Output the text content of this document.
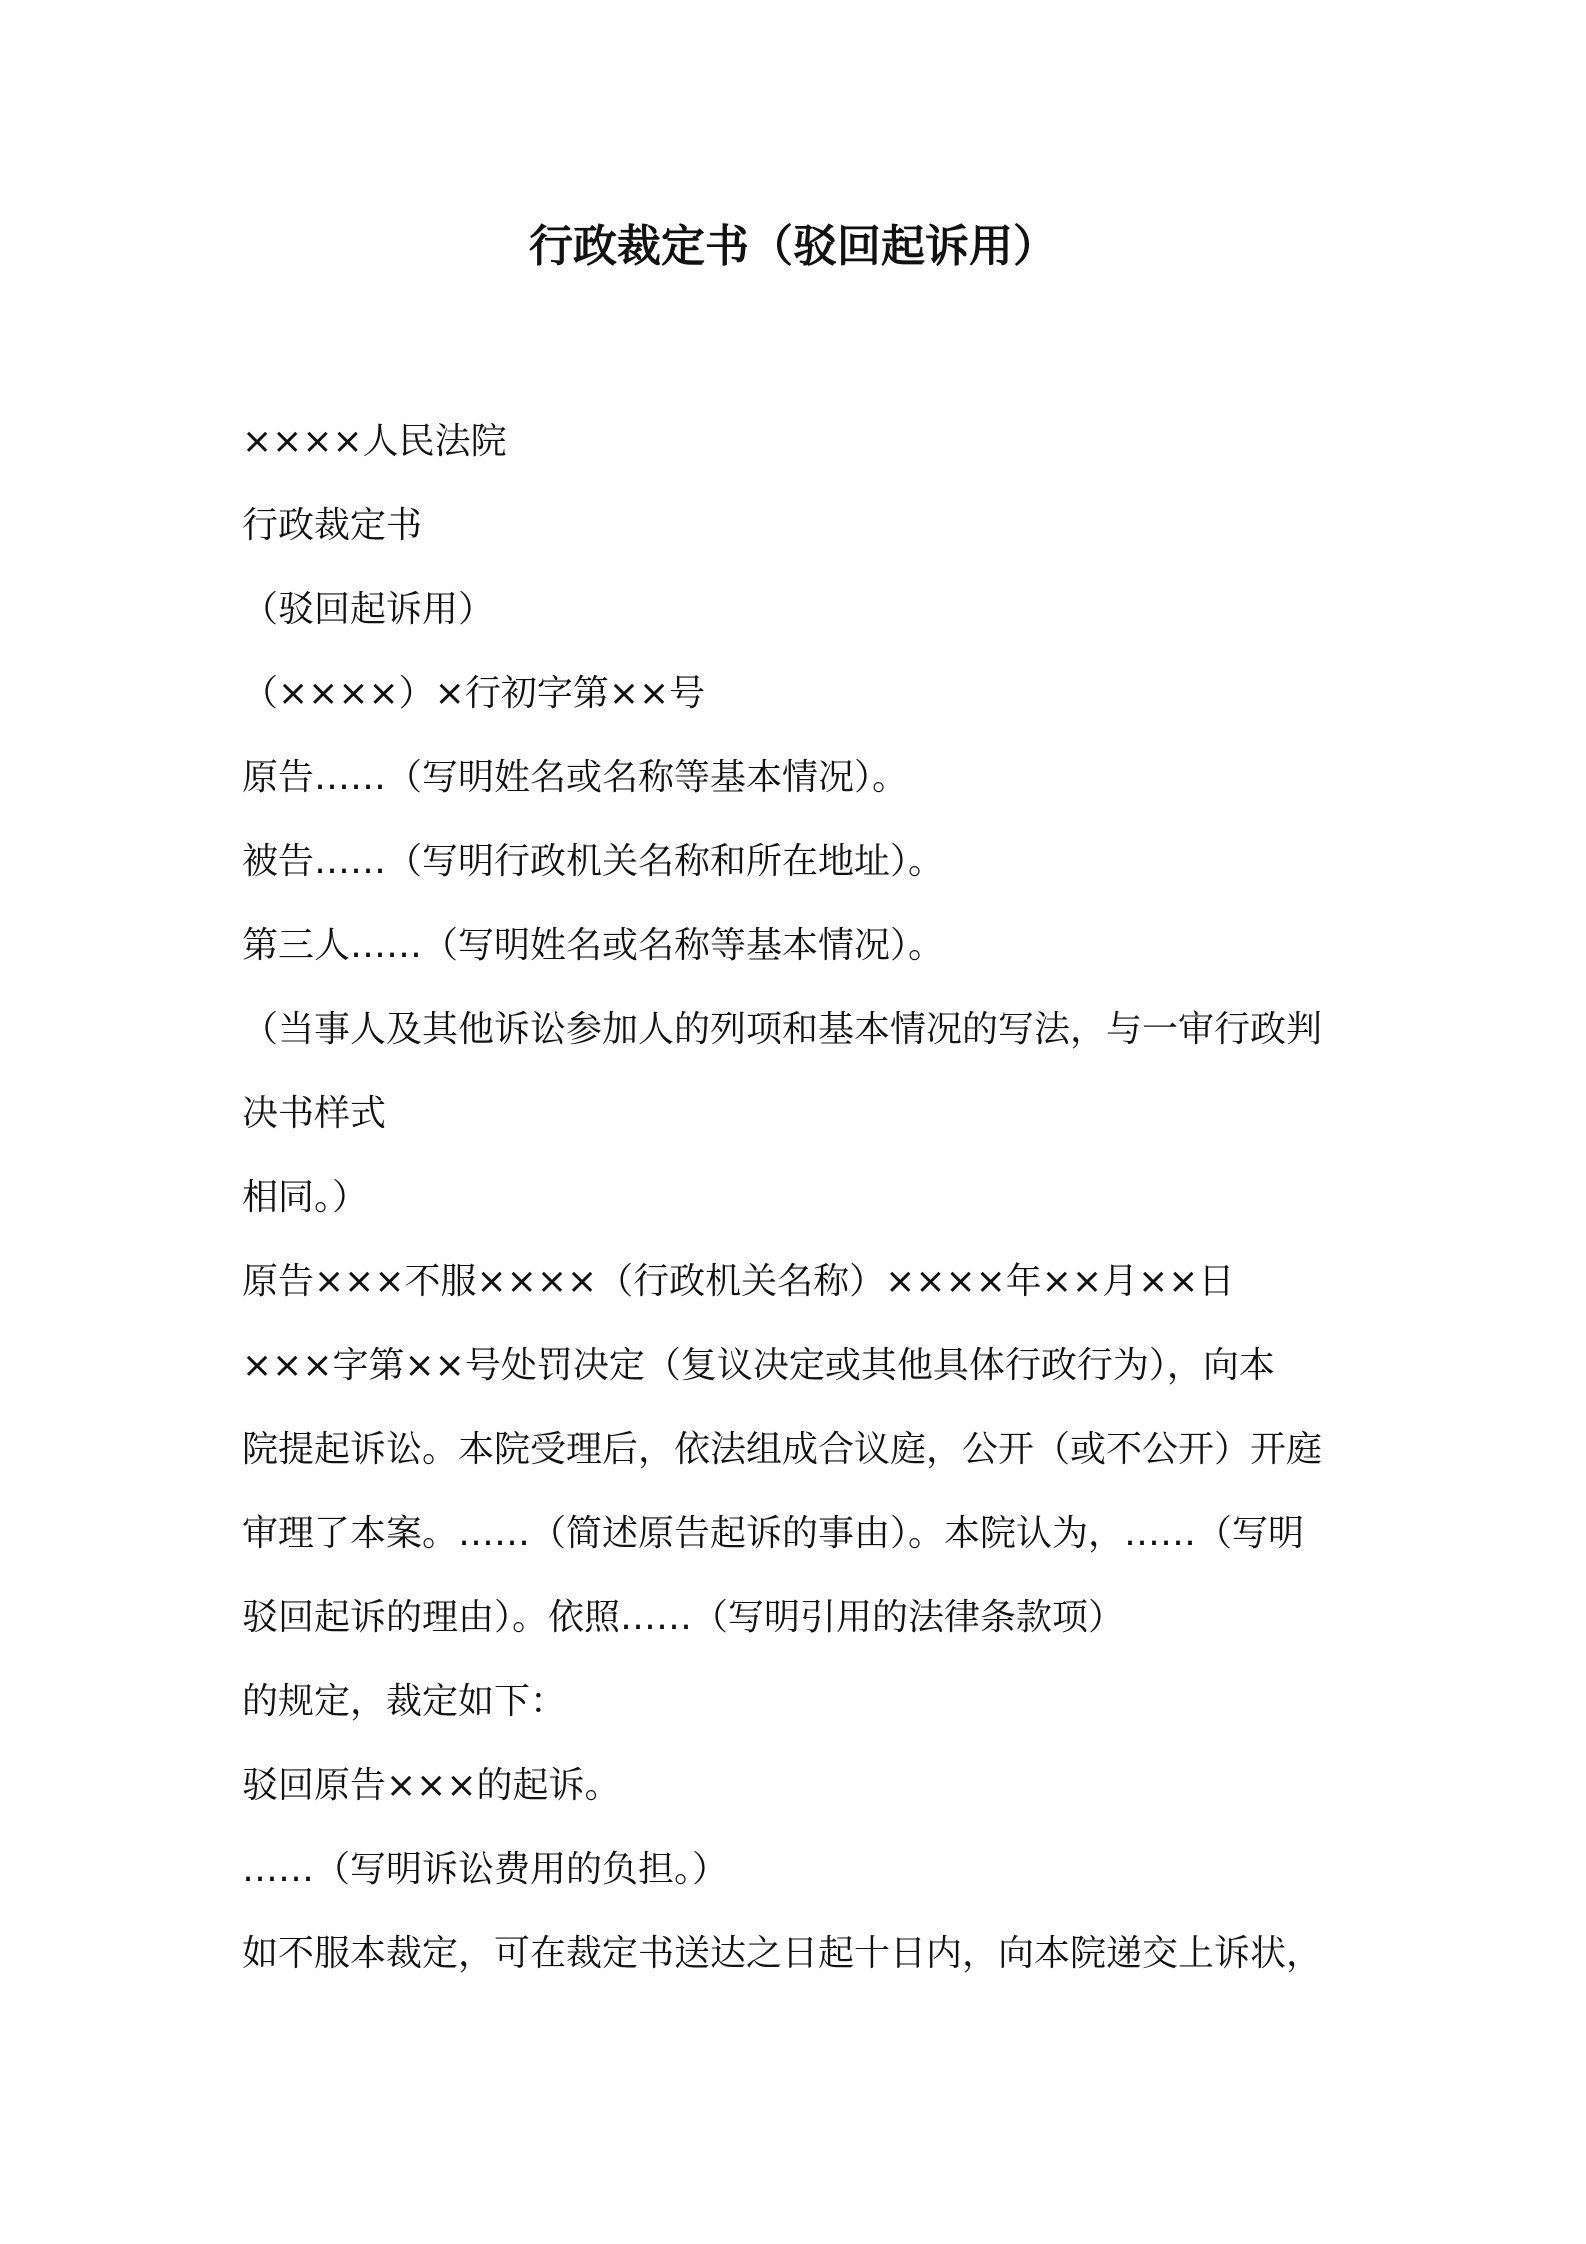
行政裁定书（驳回起诉用）
××××人民法院
行政裁定书
（驳回起诉用）
（××××）×行初字第××号
原告……（写明姓名或名称等基本情况）。
被告……（写明行政机关名称和所在地址）。
第三人……（写明姓名或名称等基本情况）。
（当事人及其他诉讼参加人的列项和基本情况的写法，与一审行政判
决书样式
相同。）
原告×××不服××××（行政机关名称）××××年××月××日
×××字第××号处罚决定（复议决定或其他具体行政行为），向本
院提起诉讼。本院受理后，依法组成合议庭，公开（或不公开）开庭
审理了本案。……（简述原告起诉的事由）。本院认为，……（写明
驳回起诉的理由）。依照……（写明引用的法律条款项）
的规定，裁定如下：
驳回原告×××的起诉。
……（写明诉讼费用的负担。）
如不服本裁定，可在裁定书送达之日起十日内，向本院递交上诉状，
